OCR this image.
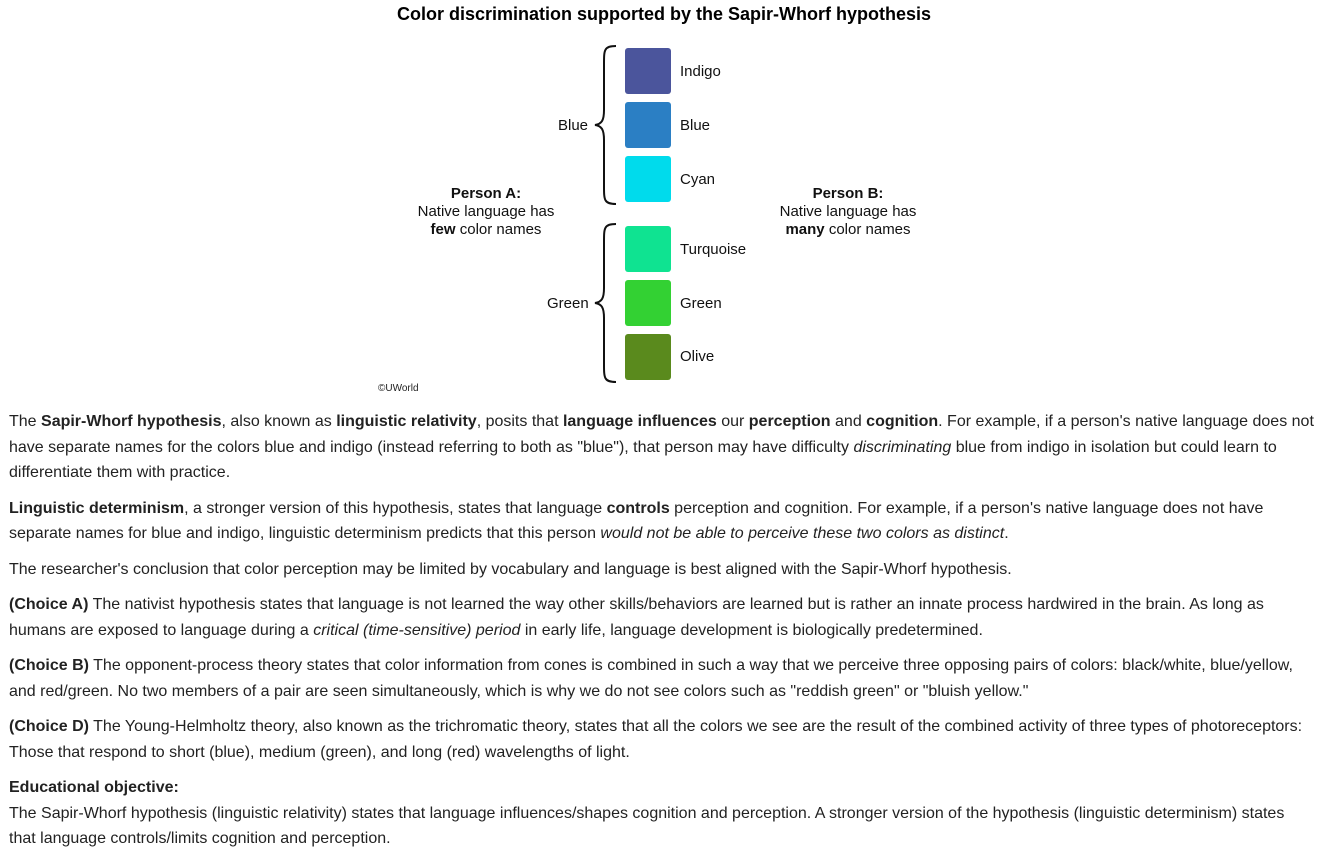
Color discrimination supported by the Sapir-Whorf hypothesis
Blue
Green
Indigo
Blue
Cyan
Turquoise
Green
Olive
Person A:
Native language has
few color names
Person B:
Native language has
many color names
©UWorld

The Sapir-Whorf hypothesis, also known as linguistic relativity, posits that language influences our perception and cognition. For example, if a person's native language does not have separate names for the colors blue and indigo (instead referring to both as "blue"), that person may have difficulty discriminating blue from indigo in isolation but could learn to differentiate them with practice.

Linguistic determinism, a stronger version of this hypothesis, states that language controls perception and cognition. For example, if a person's native language does not have separate names for blue and indigo, linguistic determinism predicts that this person would not be able to perceive these two colors as distinct.

The researcher's conclusion that color perception may be limited by vocabulary and language is best aligned with the Sapir-Whorf hypothesis.

(Choice A) The nativist hypothesis states that language is not learned the way other skills/behaviors are learned but is rather an innate process hardwired in the brain. As long as humans are exposed to language during a critical (time-sensitive) period in early life, language development is biologically predetermined.

(Choice B) The opponent-process theory states that color information from cones is combined in such a way that we perceive three opposing pairs of colors: black/white, blue/yellow, and red/green. No two members of a pair are seen simultaneously, which is why we do not see colors such as "reddish green" or "bluish yellow."

(Choice D) The Young-Helmholtz theory, also known as the trichromatic theory, states that all the colors we see are the result of the combined activity of three types of photoreceptors: Those that respond to short (blue), medium (green), and long (red) wavelengths of light.

Educational objective:

The Sapir-Whorf hypothesis (linguistic relativity) states that language influences/shapes cognition and perception. A stronger version of the hypothesis (linguistic determinism) states that language controls/limits cognition and perception.
